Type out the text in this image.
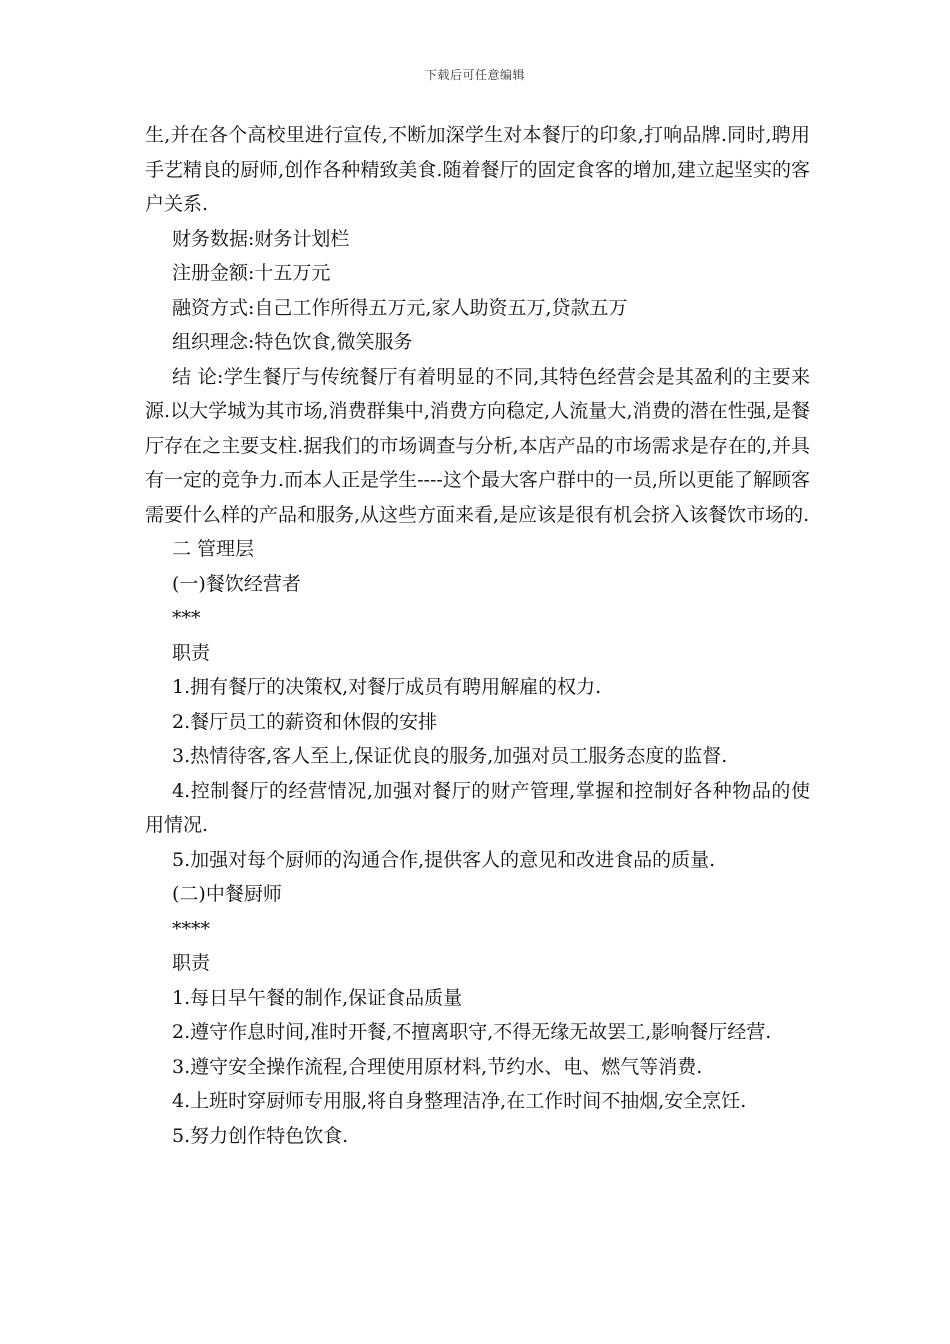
下载后可任意编辑

生,并在各个高校里进行宣传,不断加深学生对本餐厅的印象,打响品牌.同时,聘用手艺精良的厨师,创作各种精致美食.随着餐厅的固定食客的增加,建立起坚实的客户关系.

财务数据:财务计划栏

注册金额:十五万元

融资方式:自己工作所得五万元,家人助资五万,贷款五万

组织理念:特色饮食,微笑服务

结 论:学生餐厅与传统餐厅有着明显的不同,其特色经营会是其盈利的主要来源.以大学城为其市场,消费群集中,消费方向稳定,人流量大,消费的潜在性强,是餐厅存在之主要支柱.据我们的市场调查与分析,本店产品的市场需求是存在的,并具有一定的竞争力.而本人正是学生----这个最大客户群中的一员,所以更能了解顾客需要什么样的产品和服务,从这些方面来看,是应该是很有机会挤入该餐饮市场的.

二 管理层

(一)餐饮经营者

***

职责

1.拥有餐厅的决策权,对餐厅成员有聘用解雇的权力.

2.餐厅员工的薪资和休假的安排

3.热情待客,客人至上,保证优良的服务,加强对员工服务态度的监督.

4.控制餐厅的经营情况,加强对餐厅的财产管理,掌握和控制好各种物品的使用情况.

5.加强对每个厨师的沟通合作,提供客人的意见和改进食品的质量.

(二)中餐厨师

****

职责

1.每日早午餐的制作,保证食品质量

2.遵守作息时间,准时开餐,不擅离职守,不得无缘无故罢工,影响餐厅经营.

3.遵守安全操作流程,合理使用原材料,节约水、电、燃气等消费.

4.上班时穿厨师专用服,将自身整理洁净,在工作时间不抽烟,安全烹饪.

5.努力创作特色饮食.
